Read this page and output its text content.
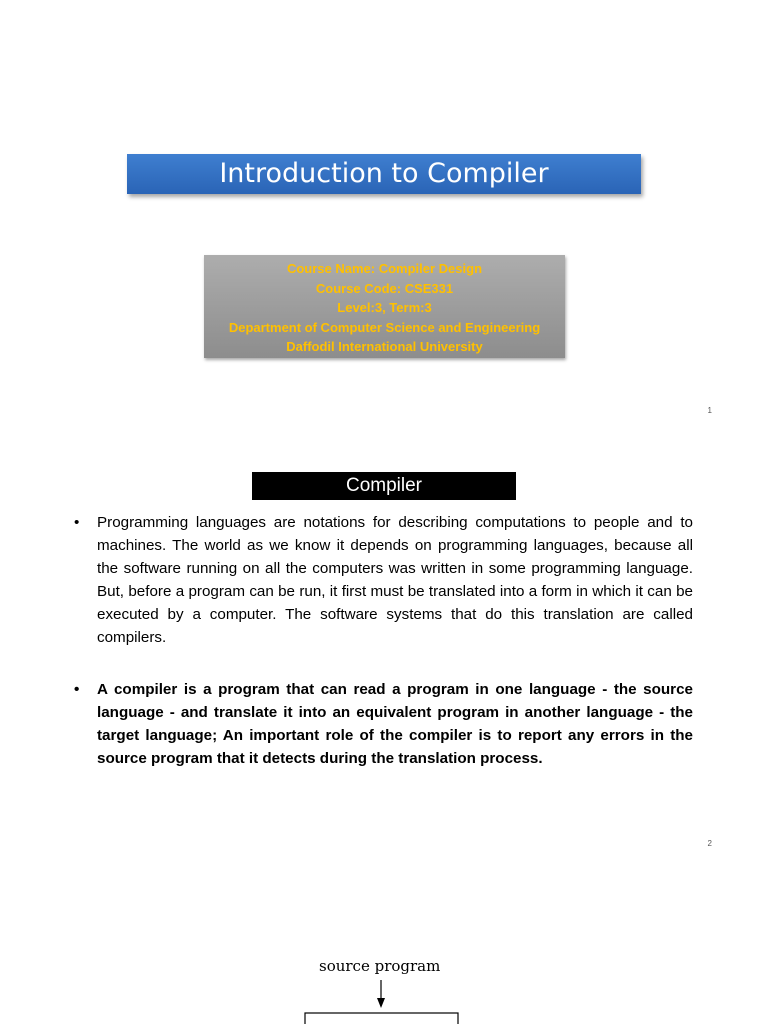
Introduction to Compiler
Course Name: Compiler Design
Course Code: CSE331
Level:3, Term:3
Department of Computer Science and Engineering
Daffodil International University
1
Compiler
• Programming languages are notations for describing computations to people and to machines. The world as we know it depends on programming languages, because all the software running on all the computers was written in some programming language. But, before a program can be run, it first must be translated into a form in which it can be executed by a computer. The software systems that do this translation are called compilers.
• A compiler is a program that can read a program in one language - the source language - and translate it into an equivalent program in another language - the target language; An important role of the compiler is to report any errors in the source program that it detects during the translation process.
2
source program
